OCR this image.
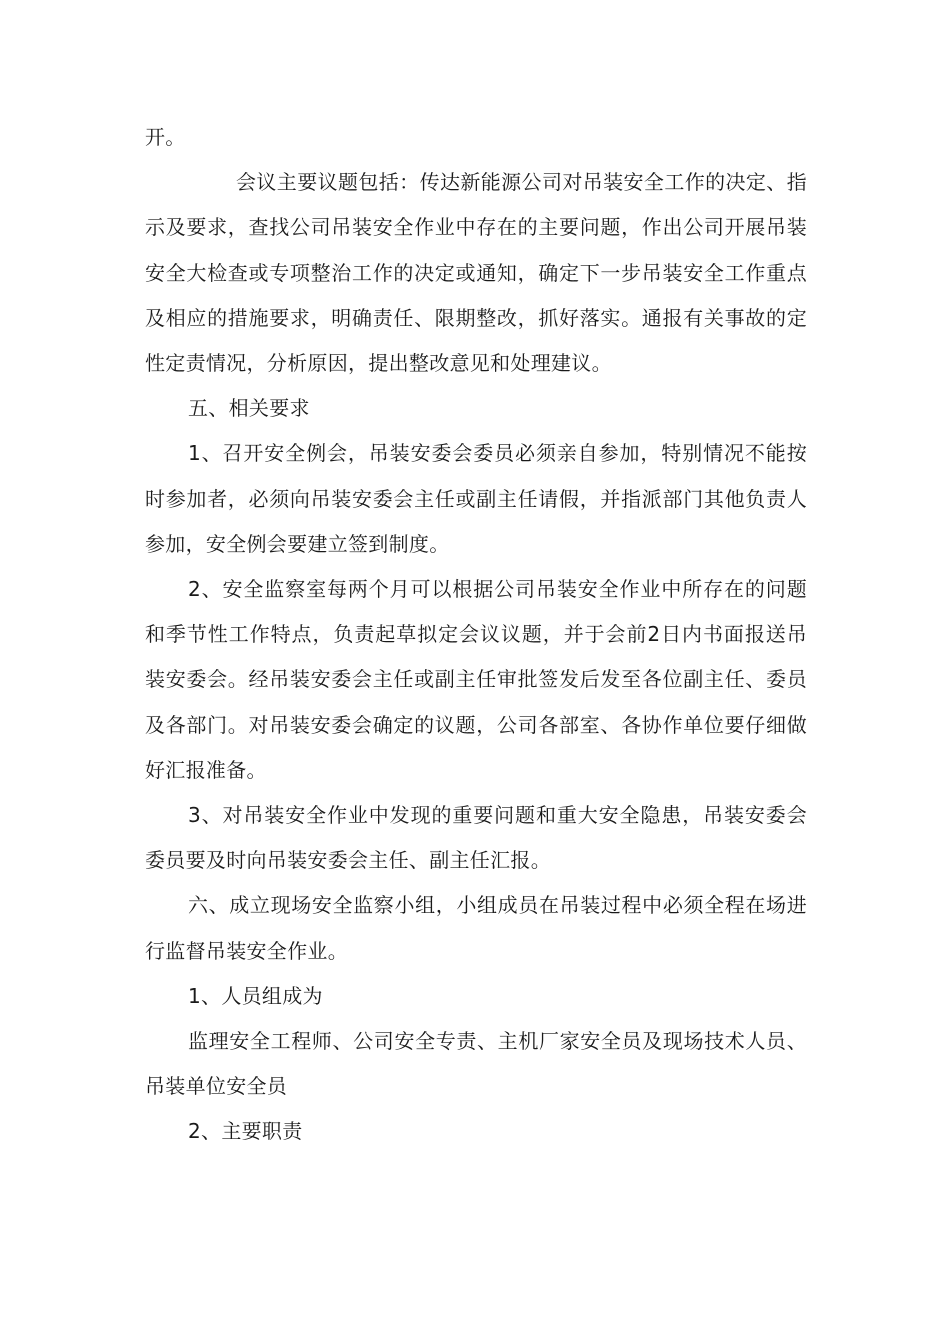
开。

会议主要议题包括：传达新能源公司对吊装安全工作的决定、指示及要求，查找公司吊装安全作业中存在的主要问题，作出公司开展吊装安全大检查或专项整治工作的决定或通知，确定下一步吊装安全工作重点及相应的措施要求，明确责任、限期整改，抓好落实。通报有关事故的定性定责情况，分析原因，提出整改意见和处理建议。

五、相关要求

1、召开安全例会，吊装安委会委员必须亲自参加，特别情况不能按时参加者，必须向吊装安委会主任或副主任请假，并指派部门其他负责人参加，安全例会要建立签到制度。

2、安全监察室每两个月可以根据公司吊装安全作业中所存在的问题和季节性工作特点，负责起草拟定会议议题，并于会前2日内书面报送吊装安委会。经吊装安委会主任或副主任审批签发后发至各位副主任、委员及各部门。对吊装安委会确定的议题，公司各部室、各协作单位要仔细做好汇报准备。

3、对吊装安全作业中发现的重要问题和重大安全隐患，吊装安委会委员要及时向吊装安委会主任、副主任汇报。

六、成立现场安全监察小组，小组成员在吊装过程中必须全程在场进行监督吊装安全作业。

1、人员组成为

监理安全工程师、公司安全专责、主机厂家安全员及现场技术人员、吊装单位安全员

2、主要职责
